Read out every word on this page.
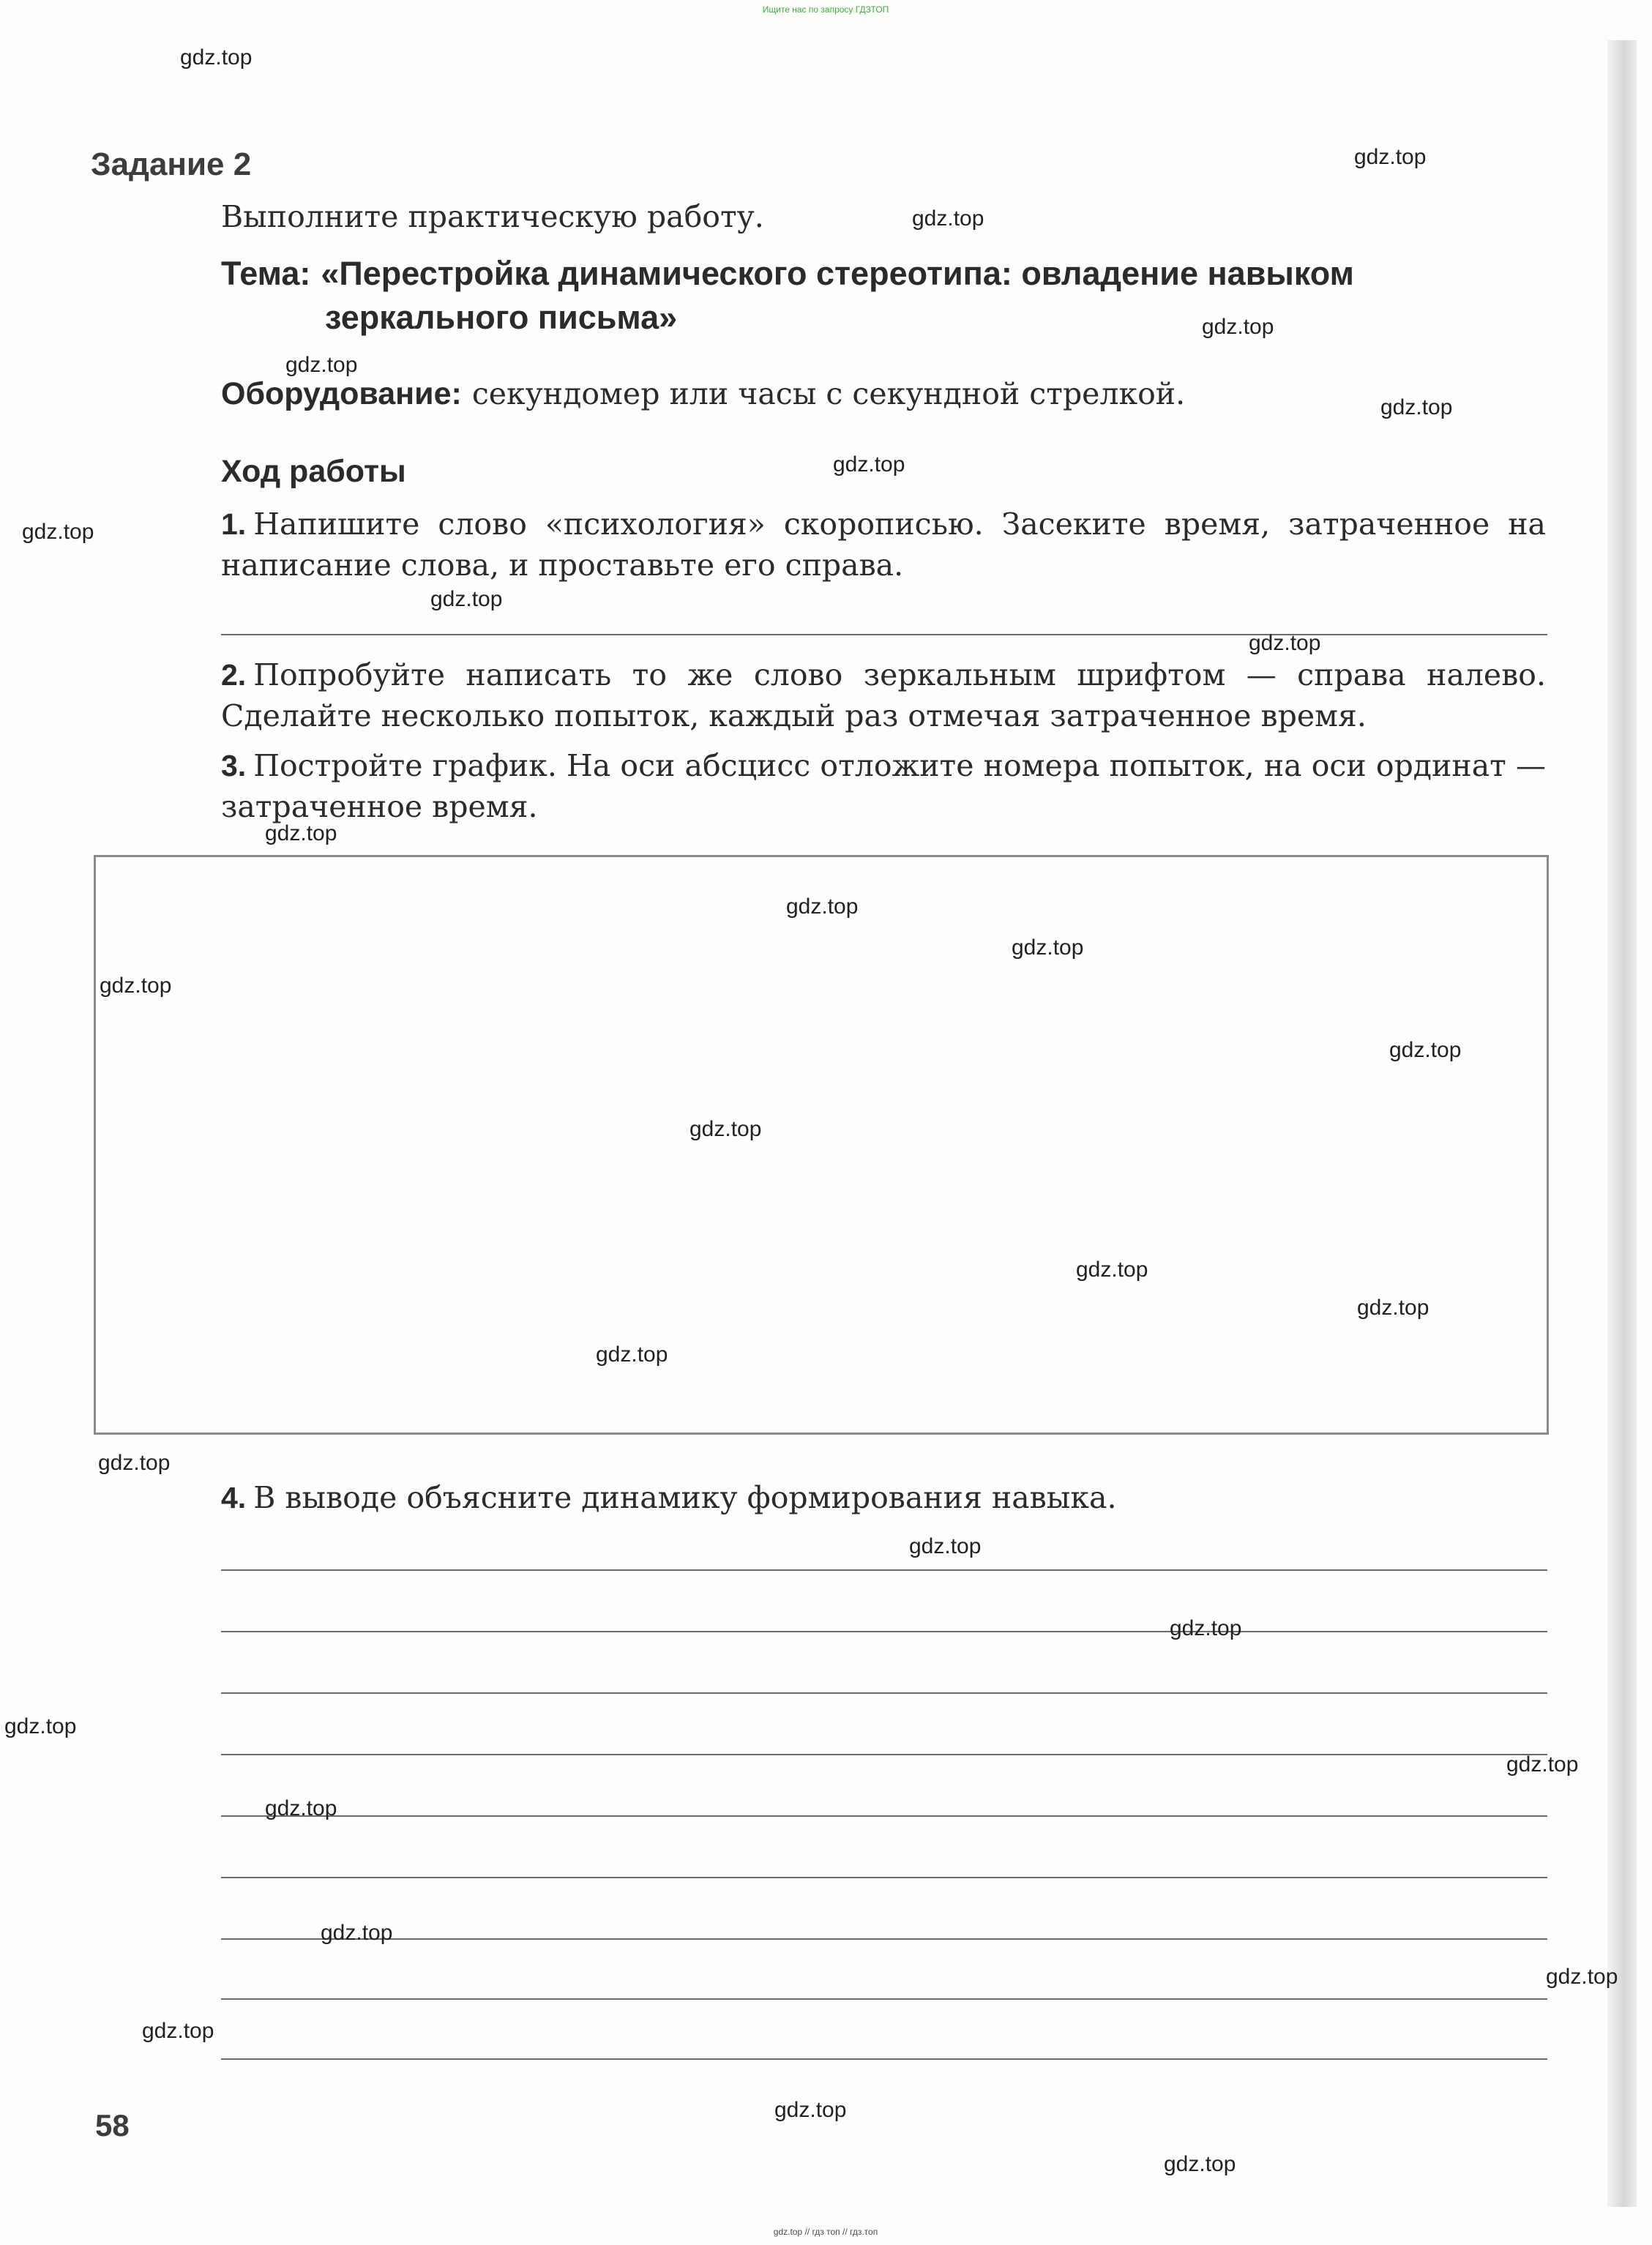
Ищите нас по запросу ГДЗТОП
Задание 2
Выполните практическую работу.
Тема: «Перестройка динамического стереотипа: овладение навыком
зеркального письма»
Оборудование: секундомер или часы с секундной стрелкой.
Ход работы
1. Напишите слово «психология» скорописью. Засеките время, затраченное на написание слова, и проставьте его справа.
2. Попробуйте написать то же слово зеркальным шрифтом — справа налево. Сделайте несколько попыток, каждый раз отмечая затраченное время.
3. Постройте график. На оси абсцисс отложите номера попыток, на оси ординат — затраченное время.
4. В выводе объясните динамику формирования навыка.
58
gdz.top
gdz.top
gdz.top
gdz.top
gdz.top
gdz.top
gdz.top
gdz.top
gdz.top
gdz.top
gdz.top
gdz.top
gdz.top
gdz.top
gdz.top
gdz.top
gdz.top
gdz.top
gdz.top
gdz.top
gdz.top
gdz.top
gdz.top
gdz.top
gdz.top
gdz.top
gdz.top
gdz.top
gdz.top
gdz.top
gdz.top // гдз топ // гдз.топ
